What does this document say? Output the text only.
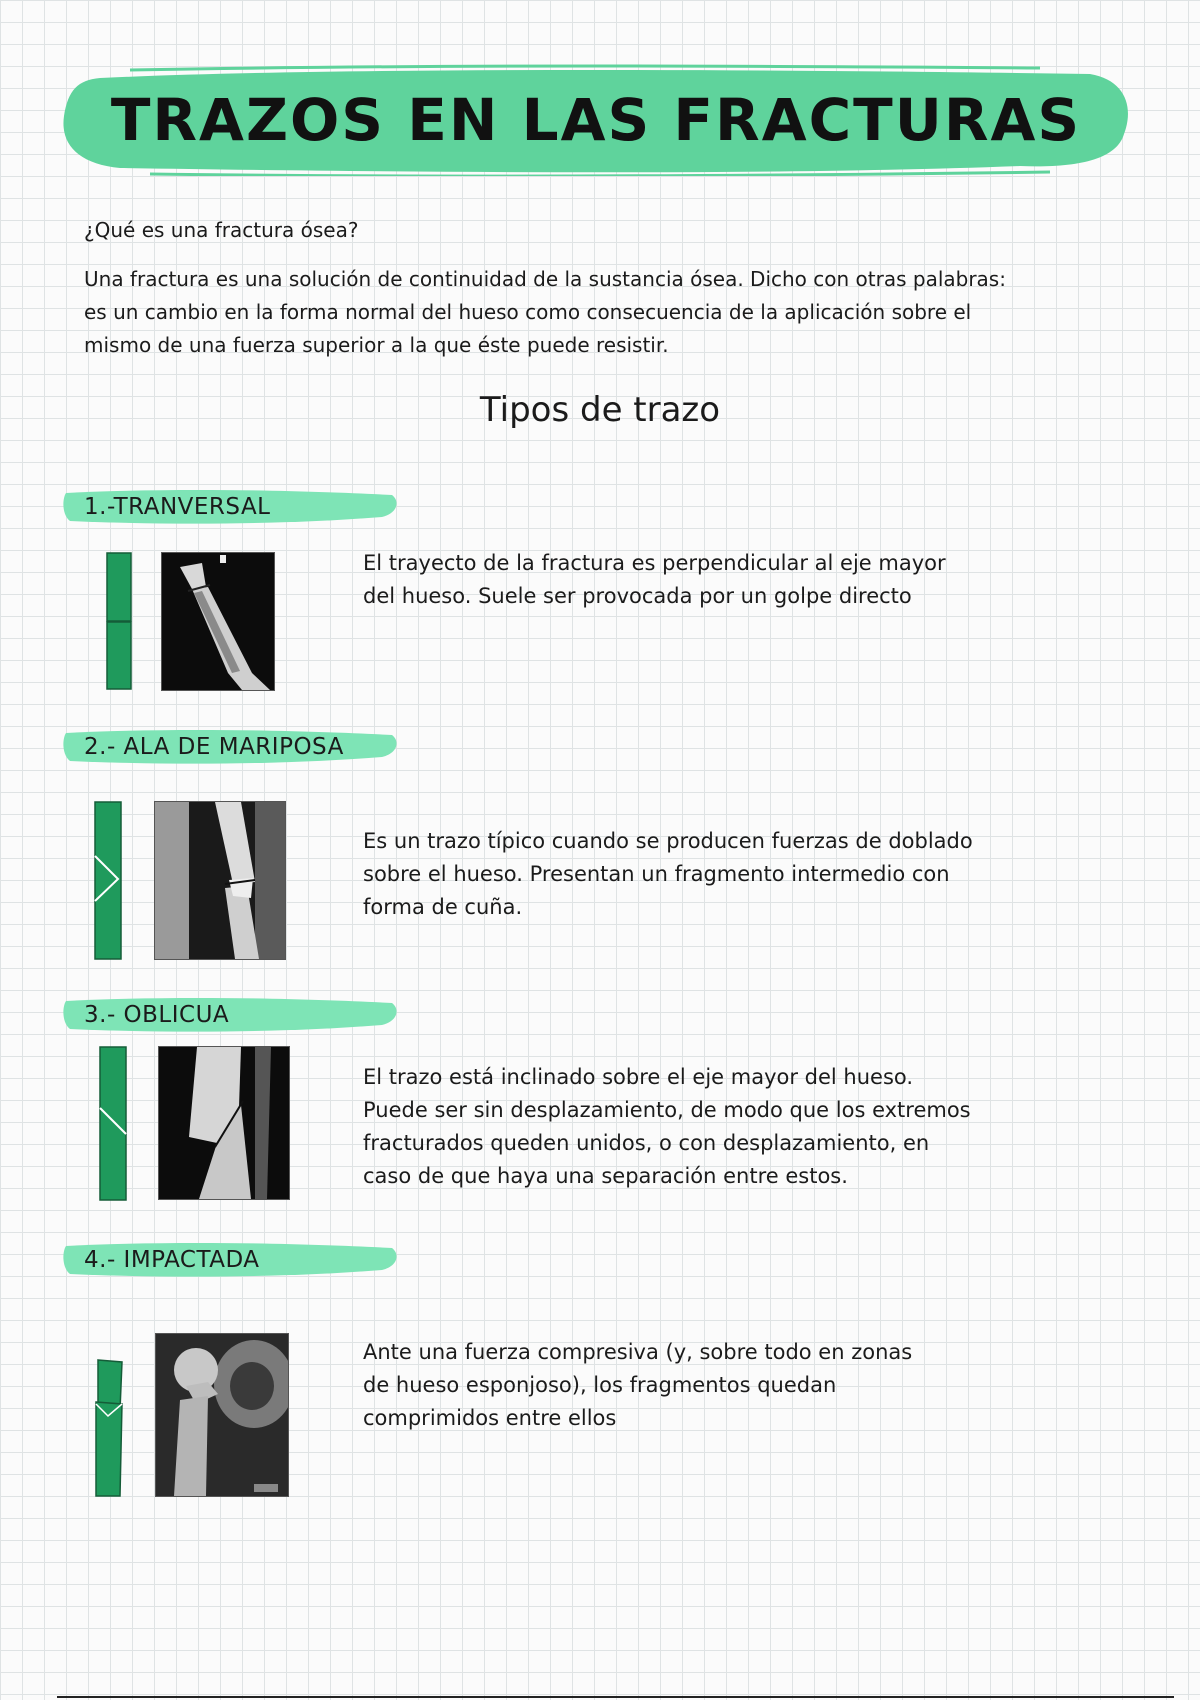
TRAZOS EN LAS FRACTURAS
¿Qué es una fractura ósea?
Una fractura es una solución de continuidad de la sustancia ósea. Dicho con otras palabras:
es un cambio en la forma normal del hueso como consecuencia de la aplicación sobre el
mismo de una fuerza superior a la que éste puede resistir.
Tipos de trazo
1.-TRANVERSAL
El trayecto de la fractura es perpendicular al eje mayor
del hueso. Suele ser provocada por un golpe directo
2.- ALA DE MARIPOSA
Es un trazo típico cuando se producen fuerzas de doblado
sobre el hueso. Presentan un fragmento intermedio con
forma de cuña.
3.- OBLICUA
El trazo está inclinado sobre el eje mayor del hueso.
Puede ser sin desplazamiento, de modo que los extremos
fracturados queden unidos, o con desplazamiento, en
caso de que haya una separación entre estos.
4.- IMPACTADA
Ante una fuerza compresiva (y, sobre todo en zonas
de hueso esponjoso), los fragmentos quedan
comprimidos entre ellos
